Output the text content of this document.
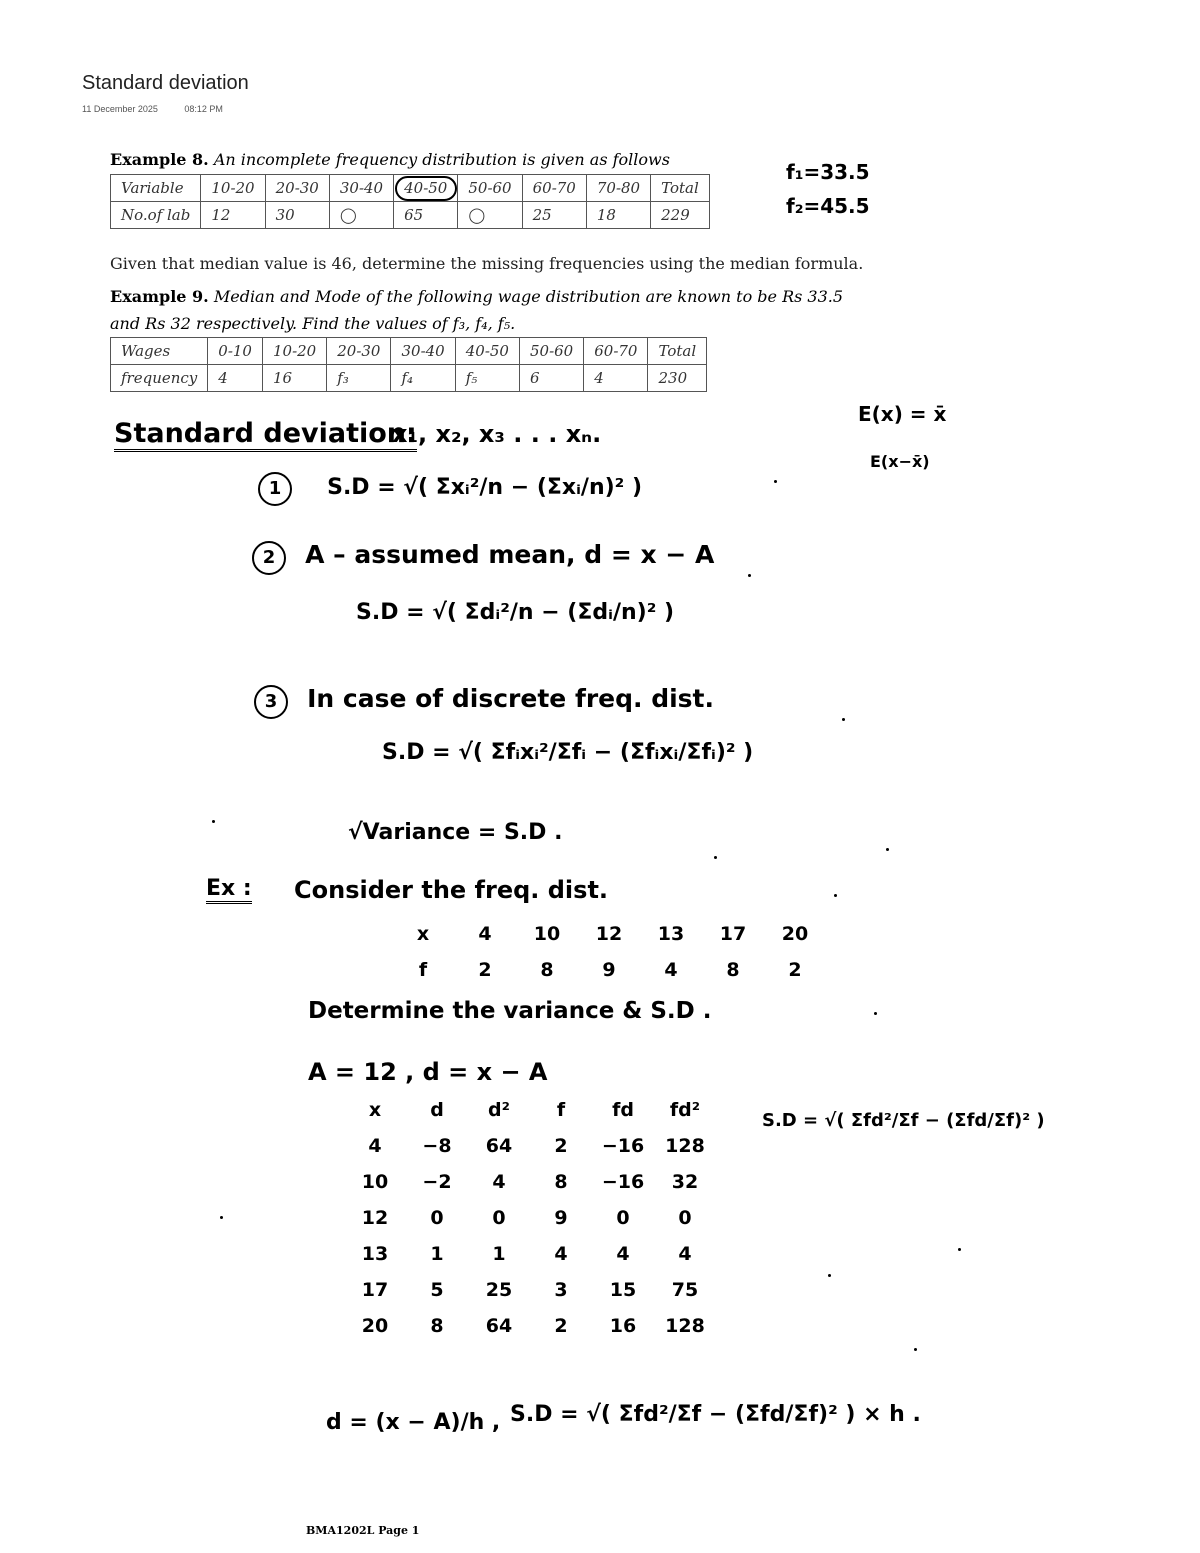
Standard deviation
11 December 2025	08:12 PM
Example 8. An incomplete frequency distribution is given as follows
Variable	10-20	20-30	30-40	40-50	50-60	60-70	70-80	Total
No.of lab	12	30	◯	65	◯	25	18	229
f₁=33.5
f₂=45.5
Given that median value is 46, determine the missing frequencies using the median formula.
Example 9. Median and Mode of the following wage distribution are known to be Rs 33.5
and Rs 32 respectively. Find the values of f₃, f₄, f₅.
Wages	0-10	10-20	20-30	30-40	40-50	50-60	60-70	Total
frequency	4	16	f₃	f₄	f₅	6	4	230
Standard deviation:
x₁, x₂, x₃ . . . xₙ.
E(x) = x̄
E(x−x̄)
1 S.D = √( Σxᵢ²/n − (Σxᵢ/n)² )
2 A – assumed mean, d = x − A
S.D = √( Σdᵢ²/n − (Σdᵢ/n)² )
3 In case of discrete freq. dist.
S.D = √( Σfᵢxᵢ²/Σfᵢ − (Σfᵢxᵢ/Σfᵢ)² )
√Variance = S.D .
Ex : Consider the freq. dist.
x	4	10	12	13	17	20
f	2	8	9	4	8	2
Determine the variance & S.D .
A = 12 , d = x − A
x	d	d²	f	fd	fd²
4	−8	64	2	−16	128
10	−2	4	8	−16	32
12	0	0	9	0	0
13	1	1	4	4	4
17	5	25	3	15	75
20	8	64	2	16	128
S.D = √( Σfd²/Σf − (Σfd/Σf)² )
d = (x − A)/h , S.D = √( Σfd²/Σf − (Σfd/Σf)² ) × h .
BMA1202L Page 1
